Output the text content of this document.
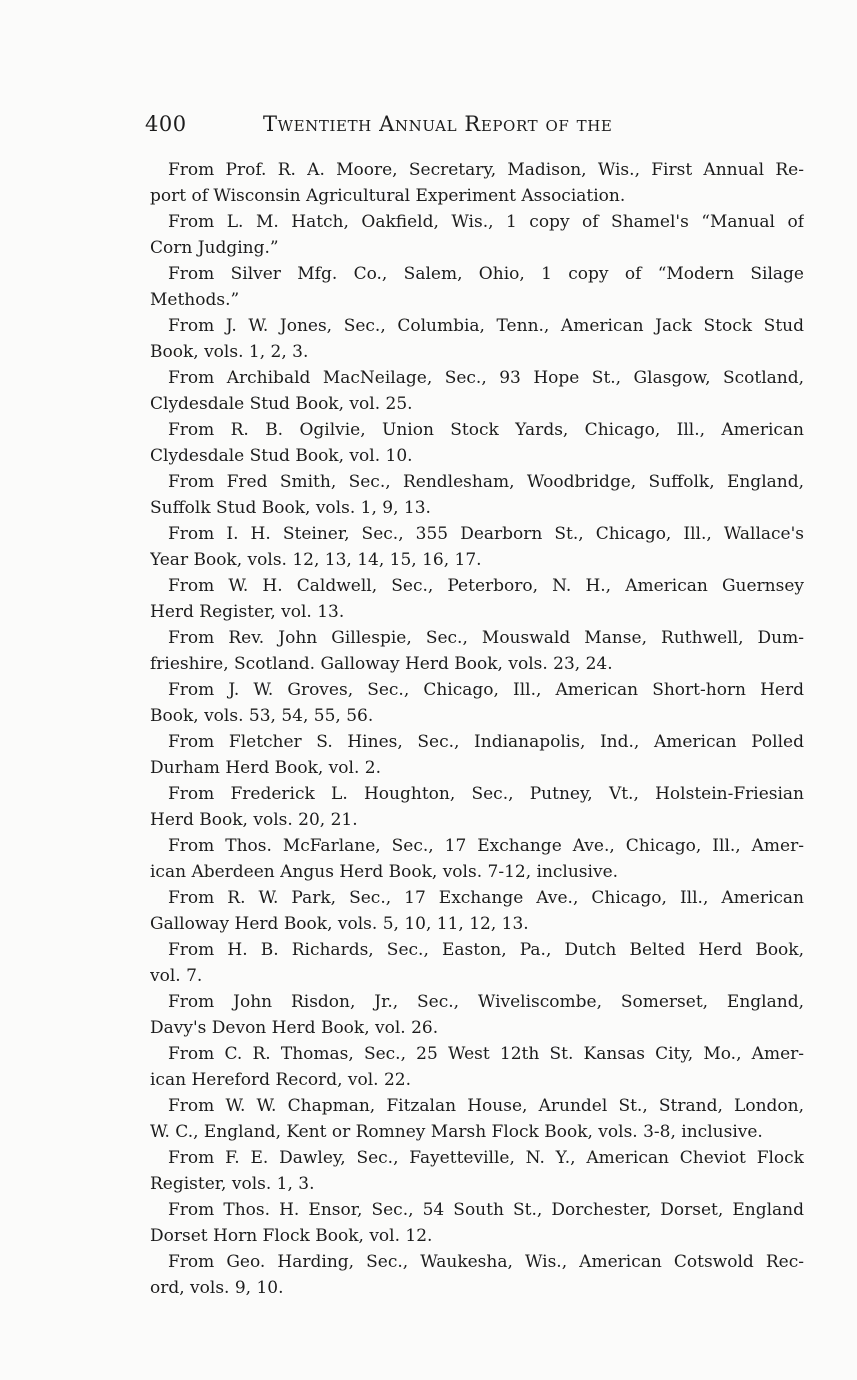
400	Twentieth Annual Report of the
From Prof. R. A. Moore, Secretary, Madison, Wis., First Annual Re-
port of Wisconsin Agricultural Experiment Association.
From L. M. Hatch, Oakfield, Wis., 1 copy of Shamel's “Manual of
Corn Judging.”
From Silver Mfg. Co., Salem, Ohio, 1 copy of “Modern Silage
Methods.”
From J. W. Jones, Sec., Columbia, Tenn., American Jack Stock Stud
Book, vols. 1, 2, 3.
From Archibald MacNeilage, Sec., 93 Hope St., Glasgow, Scotland,
Clydesdale Stud Book, vol. 25.
From R. B. Ogilvie, Union Stock Yards, Chicago, Ill., American
Clydesdale Stud Book, vol. 10.
From Fred Smith, Sec., Rendlesham, Woodbridge, Suffolk, England,
Suffolk Stud Book, vols. 1, 9, 13.
From I. H. Steiner, Sec., 355 Dearborn St., Chicago, Ill., Wallace's
Year Book, vols. 12, 13, 14, 15, 16, 17.
From W. H. Caldwell, Sec., Peterboro, N. H., American Guernsey
Herd Register, vol. 13.
From Rev. John Gillespie, Sec., Mouswald Manse, Ruthwell, Dum-
frieshire, Scotland. Galloway Herd Book, vols. 23, 24.
From J. W. Groves, Sec., Chicago, Ill., American Short-horn Herd
Book, vols. 53, 54, 55, 56.
From Fletcher S. Hines, Sec., Indianapolis, Ind., American Polled
Durham Herd Book, vol. 2.
From Frederick L. Houghton, Sec., Putney, Vt., Holstein-Friesian
Herd Book, vols. 20, 21.
From Thos. McFarlane, Sec., 17 Exchange Ave., Chicago, Ill., Amer-
ican Aberdeen Angus Herd Book, vols. 7-12, inclusive.
From R. W. Park, Sec., 17 Exchange Ave., Chicago, Ill., American
Galloway Herd Book, vols. 5, 10, 11, 12, 13.
From H. B. Richards, Sec., Easton, Pa., Dutch Belted Herd Book,
vol. 7.
From John Risdon, Jr., Sec., Wiveliscombe, Somerset, England,
Davy's Devon Herd Book, vol. 26.
From C. R. Thomas, Sec., 25 West 12th St. Kansas City, Mo., Amer-
ican Hereford Record, vol. 22.
From W. W. Chapman, Fitzalan House, Arundel St., Strand, London,
W. C., England, Kent or Romney Marsh Flock Book, vols. 3-8, inclusive.
From F. E. Dawley, Sec., Fayetteville, N. Y., American Cheviot Flock
Register, vols. 1, 3.
From Thos. H. Ensor, Sec., 54 South St., Dorchester, Dorset, England
Dorset Horn Flock Book, vol. 12.
From Geo. Harding, Sec., Waukesha, Wis., American Cotswold Rec-
ord, vols. 9, 10.
